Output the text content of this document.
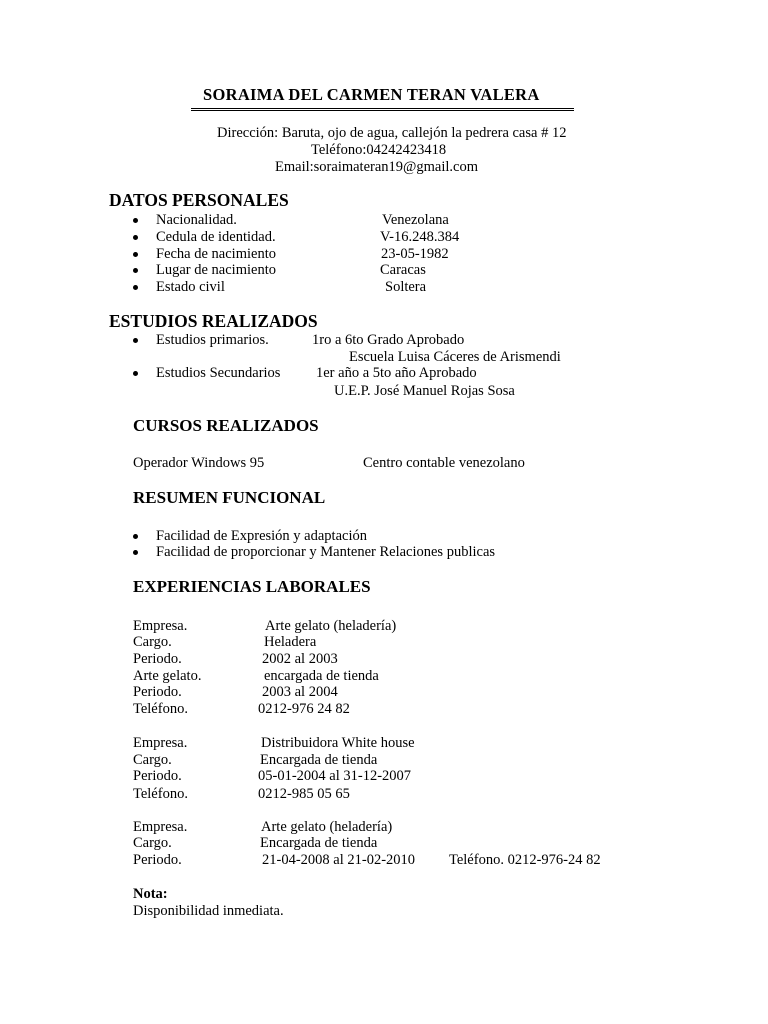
SORAIMA DEL CARMEN TERAN VALERA
Dirección: Baruta, ojo de agua, callejón la pedrera casa # 12
Teléfono:04242423418
Email:soraimateran19@gmail.com
DATOS PERSONALES
Nacionalidad.	Venezolana
Cedula de identidad.	V-16.248.384
Fecha de nacimiento	23-05-1982
Lugar de nacimiento	Caracas
Estado civil	Soltera
ESTUDIOS REALIZADOS
Estudios primarios.	1ro a 6to Grado Aprobado
Escuela Luisa Cáceres de Arismendi
Estudios Secundarios 1er año a 5to año Aprobado
U.E.P. José Manuel Rojas Sosa
CURSOS REALIZADOS
Operador Windows 95	Centro contable venezolano
RESUMEN FUNCIONAL
Facilidad de Expresión y adaptación
Facilidad de proporcionar y Mantener Relaciones publicas
EXPERIENCIAS LABORALES
Empresa.	Arte gelato (heladería)
Cargo.	Heladera
Periodo.	2002 al 2003
Arte gelato.	encargada de tienda
Periodo.	2003 al 2004
Teléfono.	0212-976 24 82
Empresa.	Distribuidora White house
Cargo.	Encargada de tienda
Periodo.	05-01-2004 al 31-12-2007
Teléfono.	0212-985 05 65
Empresa.	Arte gelato (heladería)
Cargo.	Encargada de tienda
Periodo.	21-04-2008 al 21-02-2010 Teléfono. 0212-976-24 82
Nota:
Disponibilidad inmediata.
